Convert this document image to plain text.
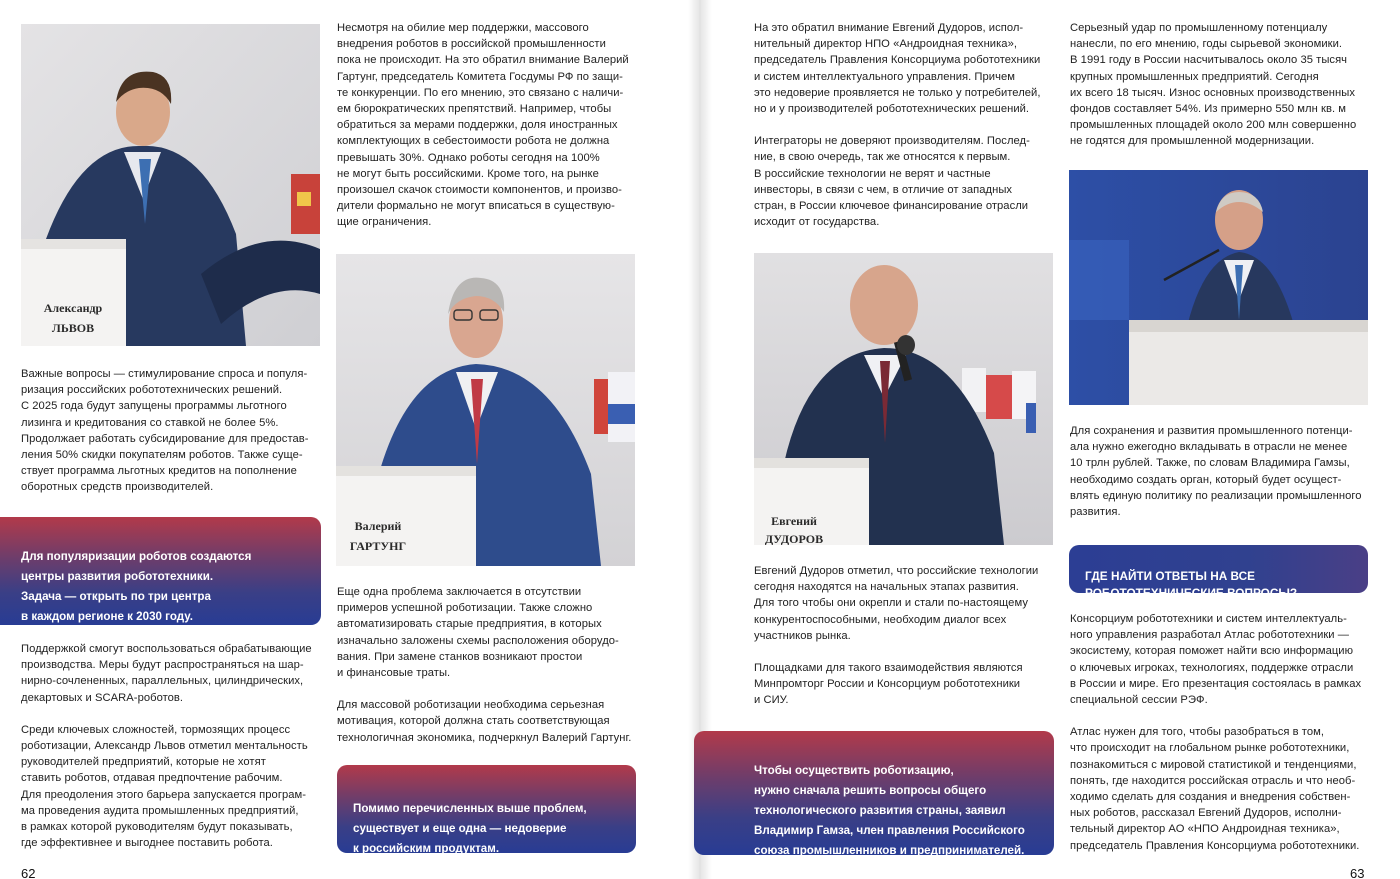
Александр
ЛЬВОВ

Важные вопросы — стимулирование спроса и популя-
ризация российских робототехнических решений.
С 2025 года будут запущены программы льготного
лизинга и кредитования со ставкой не более 5%.
Продолжает работать субсидирование для предостав-
ления 50% скидки покупателям роботов. Также суще-
ствует программа льготных кредитов на пополнение
оборотных средств производителей.

Для популяризации роботов создаются
центры развития робототехники.
Задача — открыть по три центра
в каждом регионе к 2030 году.

Поддержкой смогут воспользоваться обрабатывающие
производства. Меры будут распространяться на шар-
нирно-сочлененных, параллельных, цилиндрических,
декартовых и SCARA-роботов.

Среди ключевых сложностей, тормозящих процесс
роботизации, Александр Львов отметил ментальность
руководителей предприятий, которые не хотят
ставить роботов, отдавая предпочтение рабочим.
Для преодоления этого барьера запускается програм-
ма проведения аудита промышленных предприятий,
в рамках которой руководителям будут показывать,
где эффективнее и выгоднее поставить робота.

Несмотря на обилие мер поддержки, массового
внедрения роботов в российской промышленности
пока не происходит. На это обратил внимание Валерий
Гартунг, председатель Комитета Госдумы РФ по защи-
те конкуренции. По его мнению, это связано с наличи-
ем бюрократических препятствий. Например, чтобы
обратиться за мерами поддержки, доля иностранных
комплектующих в себестоимости робота не должна
превышать 30%. Однако роботы сегодня на 100%
не могут быть российскими. Кроме того, на рынке
произошел скачок стоимости компонентов, и произво-
дители формально не могут вписаться в существую-
щие ограничения.

Валерий
ГАРТУНГ

Еще одна проблема заключается в отсутствии
примеров успешной роботизации. Также сложно
автоматизировать старые предприятия, в которых
изначально заложены схемы расположения оборудо-
вания. При замене станков возникают простои
и финансовые траты.

Для массовой роботизации необходима серьезная
мотивация, которой должна стать соответствующая
технологичная экономика, подчеркнул Валерий Гартунг.

Помимо перечисленных выше проблем,
существует и еще одна — недоверие
к российским продуктам.

62

На это обратил внимание Евгений Дудоров, испол-
нительный директор НПО «Андроидная техника»,
председатель Правления Консорциума робототехники
и систем интеллектуального управления. Причем
это недоверие проявляется не только у потребителей,
но и у производителей робототехнических решений.

Интеграторы не доверяют производителям. Послед-
ние, в свою очередь, так же относятся к первым.
В российские технологии не верят и частные
инвесторы, в связи с чем, в отличие от западных
стран, в России ключевое финансирование отрасли
исходит от государства.

Евгений
ДУДОРОВ

Евгений Дудоров отметил, что российские технологии
сегодня находятся на начальных этапах развития.
Для того чтобы они окрепли и стали по-настоящему
конкурентоспособными, необходим диалог всех
участников рынка.

Площадками для такого взаимодействия являются
Минпромторг России и Консорциум робототехники
и СИУ.

Чтобы осуществить роботизацию,
нужно сначала решить вопросы общего
технологического развития страны, заявил
Владимир Гамза, член правления Российского
союза промышленников и предпринимателей.

Серьезный удар по промышленному потенциалу
нанесли, по его мнению, годы сырьевой экономики.
В 1991 году в России насчитывалось около 35 тысяч
крупных промышленных предприятий. Сегодня
их всего 18 тысяч. Износ основных производственных
фондов составляет 54%. Из примерно 550 млн кв. м
промышленных площадей около 200 млн совершенно
не годятся для промышленной модернизации.

Для сохранения и развития промышленного потенци-
ала нужно ежегодно вкладывать в отрасли не менее
10 трлн рублей. Также, по словам Владимира Гамзы,
необходимо создать орган, который будет осущест-
влять единую политику по реализации промышленного
развития.

ГДЕ НАЙТИ ОТВЕТЫ НА ВСЕ
РОБОТОТЕХНИЧЕСКИЕ ВОПРОСЫ?

Консорциум робототехники и систем интеллектуаль-
ного управления разработал Атлас робототехники —
экосистему, которая поможет найти всю информацию
о ключевых игроках, технологиях, поддержке отрасли
в России и мире. Его презентация состоялась в рамках
специальной сессии РЭФ.

Атлас нужен для того, чтобы разобраться в том,
что происходит на глобальном рынке робототехники,
познакомиться с мировой статистикой и тенденциями,
понять, где находится российская отрасль и что необ-
ходимо сделать для создания и внедрения собствен-
ных роботов, рассказал Евгений Дудоров, исполни-
тельный директор АО «НПО Андроидная техника»,
председатель Правления Консорциума робототехники.

63
